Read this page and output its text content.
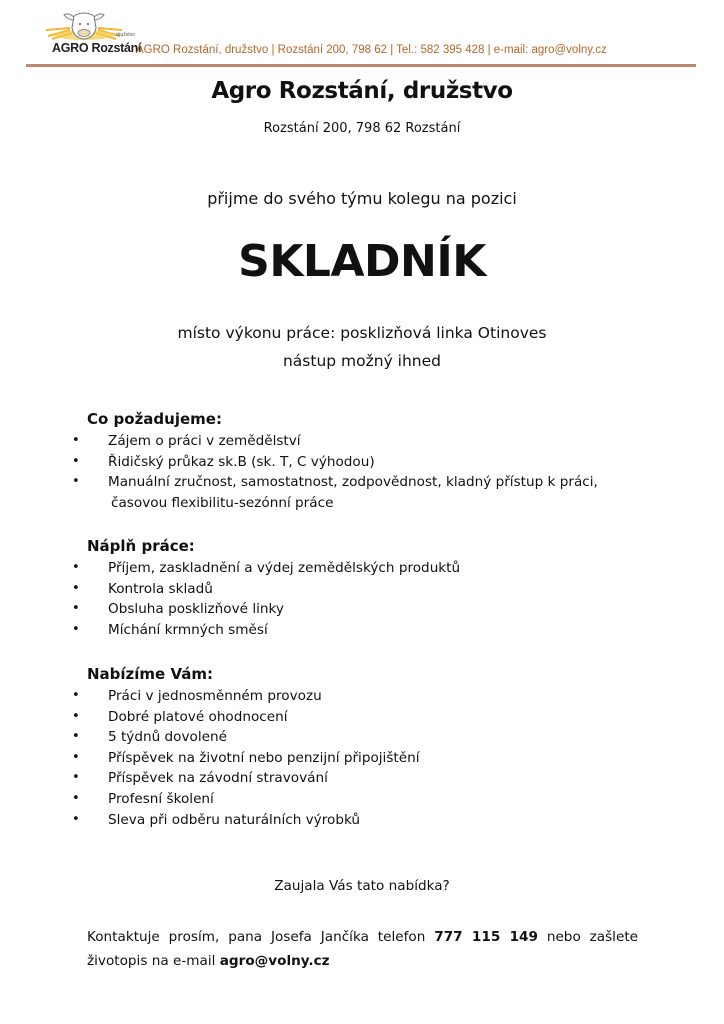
družstvo
AGRO Rozstání
AGRO Rozstání, družstvo | Rozstání 200, 798 62 | Tel.: 582 395 428 | e-mail: agro@volny.cz
Agro Rozstání, družstvo
Rozstání 200, 798 62 Rozstání
přijme do svého týmu kolegu na pozici
SKLADNÍK
místo výkonu práce: posklizňová linka Otinoves
nástup možný ihned
Co požadujeme:
• Zájem o práci v zemědělství
• Řidičský průkaz sk.B (sk. T, C výhodou)
• Manuální zručnost, samostatnost, zodpovědnost, kladný přístup k práci,
časovou flexibilitu-sezónní práce
Náplň práce:
• Příjem, zaskladnění a výdej zemědělských produktů
• Kontrola skladů
• Obsluha posklizňové linky
• Míchání krmných směsí
Nabízíme Vám:
• Práci v jednosměnném provozu
• Dobré platové ohodnocení
• 5 týdnů dovolené
• Příspěvek na životní nebo penzijní připojištění
• Příspěvek na závodní stravování
• Profesní školení
• Sleva při odběru naturálních výrobků
Zaujala Vás tato nabídka?
Kontaktuje prosím, pana Josefa Jančíka telefon 777 115 149 nebo zašlete životopis na e-mail agro@volny.cz
